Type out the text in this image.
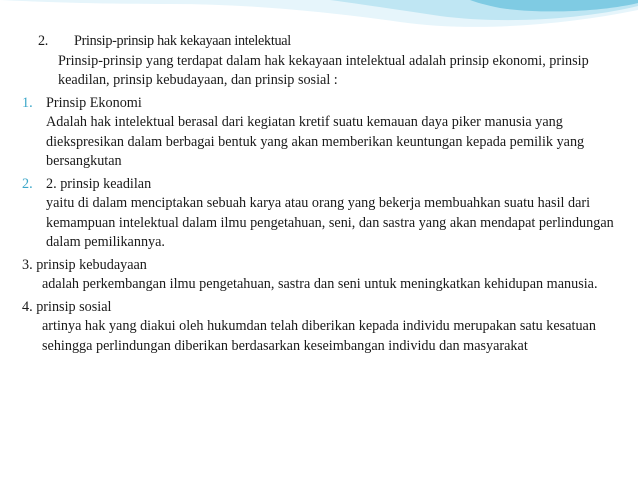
2.	Prinsip-prinsip hak kekayaan intelektual
Prinsip-prinsip yang terdapat dalam hak kekayaan intelektual adalah prinsip ekonomi, prinsip keadilan, prinsip kebudayaan, dan prinsip sosial :
1. Prinsip Ekonomi
Adalah hak intelektual berasal dari kegiatan kretif suatu kemauan daya piker manusia yang diekspresikan dalam berbagai bentuk yang akan memberikan keuntungan kepada pemilik yang bersangkutan
2. 2. prinsip keadilan
yaitu di dalam menciptakan sebuah karya atau orang yang bekerja membuahkan suatu hasil dari kemampuan intelektual dalam ilmu pengetahuan, seni, dan sastra yang akan mendapat perlindungan dalam pemilikannya.
3. prinsip kebudayaan
adalah perkembangan ilmu pengetahuan, sastra dan seni untuk meningkatkan kehidupan manusia.
4. prinsip sosial
artinya hak yang diakui oleh hukumdan telah diberikan kepada individu merupakan satu kesatuan sehingga perlindungan diberikan berdasarkan keseimbangan individu dan masyarakat
